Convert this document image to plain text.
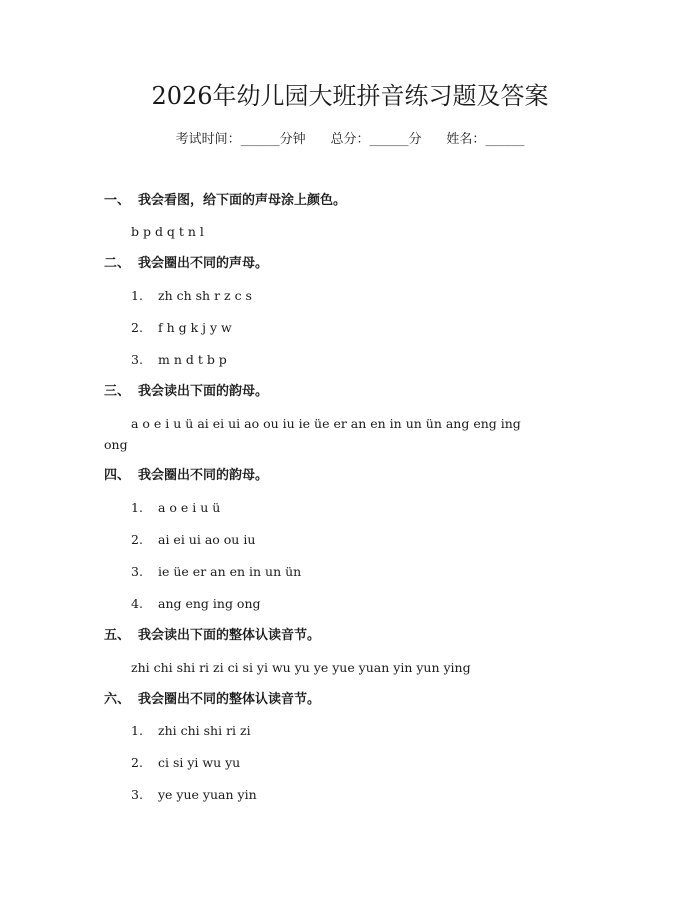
2026年幼儿园大班拼音练习题及答案
考试时间：______分钟 总分：______分 姓名：______
一、 我会看图，给下面的声母涂上颜色。
b p d q t n l
二、 我会圈出不同的声母。
1. zh ch sh r z c s
2. f h g k j y w
3. m n d t b p
三、 我会读出下面的韵母。
a o e i u ü ai ei ui ao ou iu ie üe er an en in un ün ang eng ing
ong
四、 我会圈出不同的韵母。
1. a o e i u ü
2. ai ei ui ao ou iu
3. ie üe er an en in un ün
4. ang eng ing ong
五、 我会读出下面的整体认读音节。
zhi chi shi ri zi ci si yi wu yu ye yue yuan yin yun ying
六、 我会圈出不同的整体认读音节。
1. zhi chi shi ri zi
2. ci si yi wu yu
3. ye yue yuan yin
